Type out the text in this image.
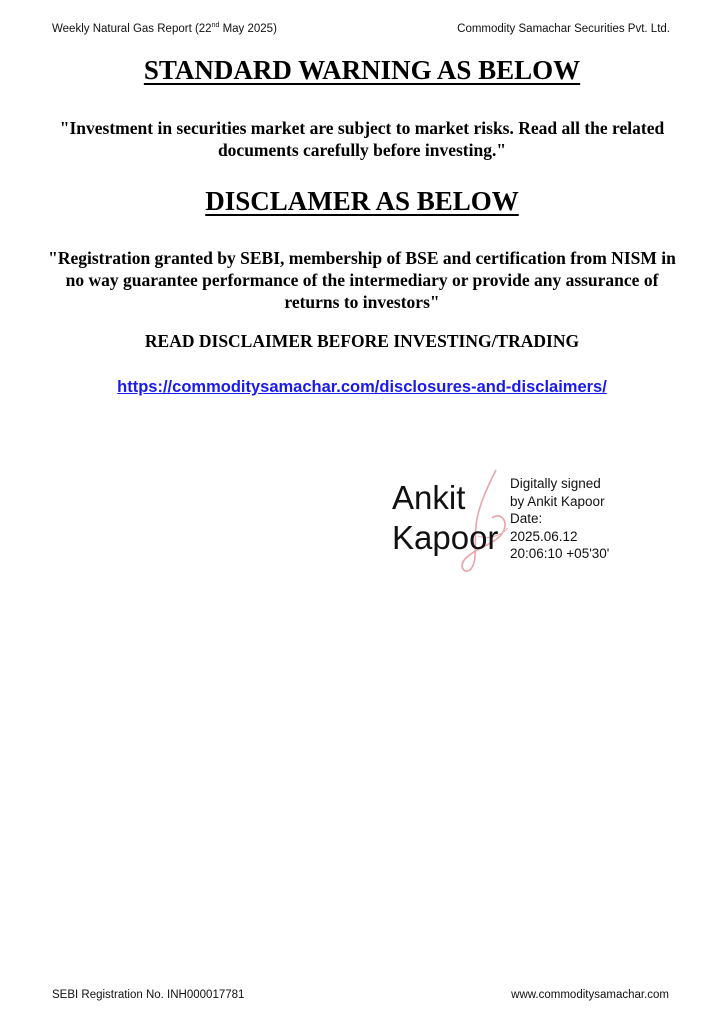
Weekly Natural Gas Report (22nd May 2025)	Commodity Samachar Securities Pvt. Ltd.
STANDARD WARNING AS BELOW
"Investment in securities market are subject to market risks. Read all the related documents carefully before investing."
DISCLAMER AS BELOW
"Registration granted by SEBI, membership of BSE and certification from NISM in no way guarantee performance of the intermediary or provide any assurance of returns to investors"
READ DISCLAIMER BEFORE INVESTING/TRADING
https://commoditysamachar.com/disclosures-and-disclaimers/
Ankit
Kapoor
Digitally signed
by Ankit Kapoor
Date:
2025.06.12
20:06:10 +05'30'
SEBI Registration No. INH000017781	www.commoditysamachar.com
